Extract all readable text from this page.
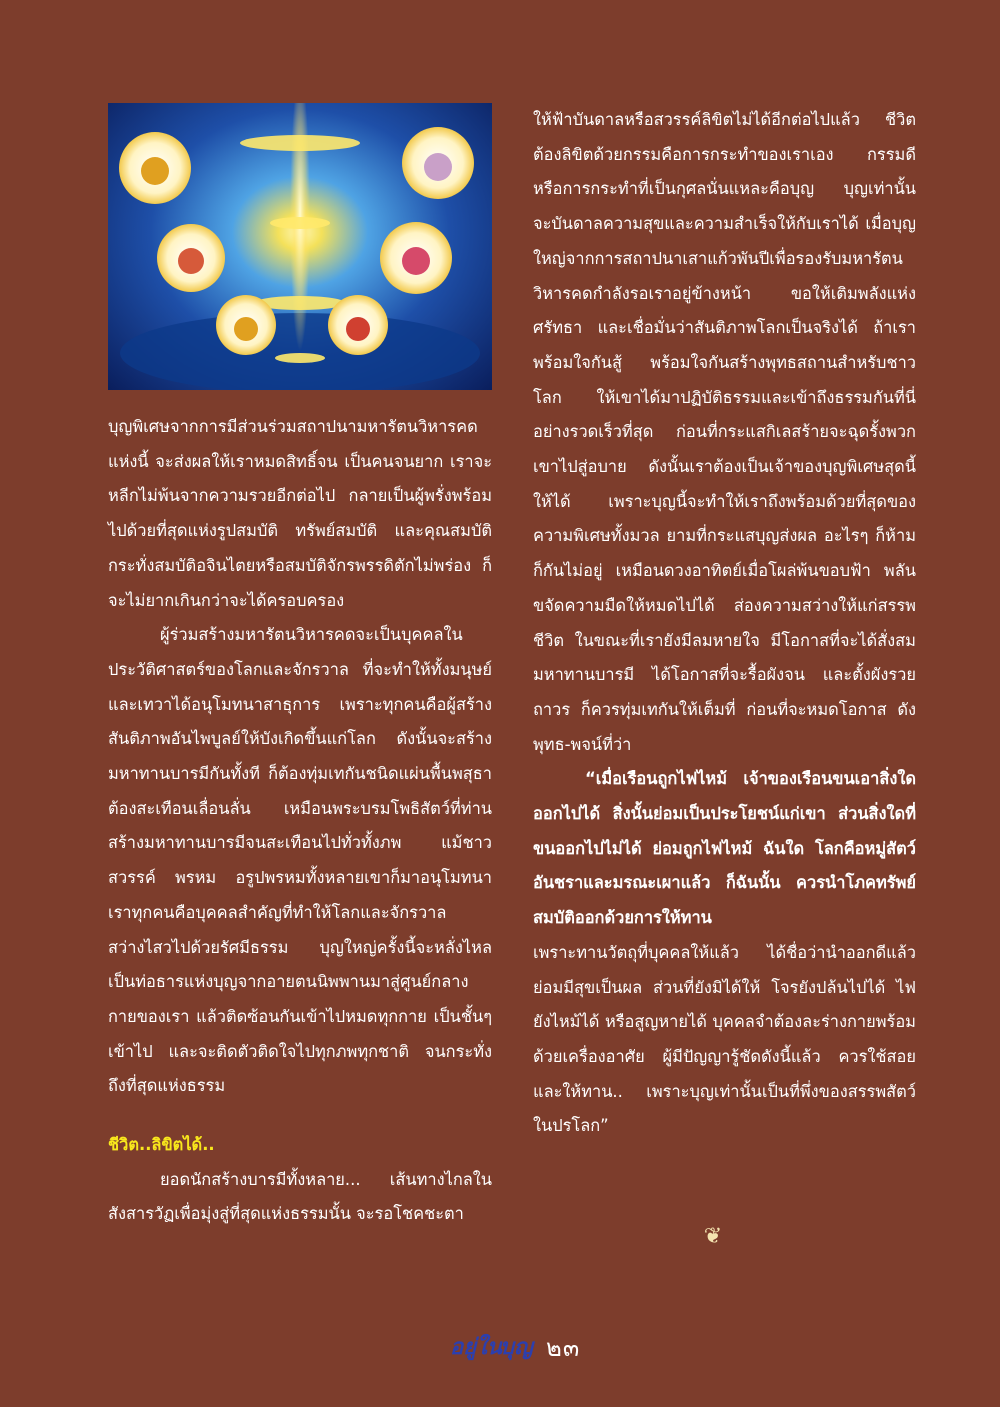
บุญพิเศษจากการมีส่วนร่วมสถาปนามหารัตนวิหารคดแห่งนี้ จะส่งผลให้เราหมดสิทธิ์จน เป็นคนจนยาก เราจะหลีกไม่พ้นจากความรวยอีกต่อไป กลายเป็นผู้พรั่งพร้อมไปด้วยที่สุดแห่งรูปสมบัติ ทรัพย์สมบัติ และคุณสมบัติ กระทั่งสมบัติอจินไตยหรือสมบัติจักรพรรดิตักไม่พร่อง ก็จะไม่ยากเกินกว่าจะได้ครอบครอง

ผู้ร่วมสร้างมหารัตนวิหารคดจะเป็นบุคคลในประวัติศาสตร์ของโลกและจักรวาล ที่จะทำให้ทั้งมนุษย์และเทวาได้อนุโมทนาสาธุการ เพราะทุกคนคือผู้สร้างสันติภาพอันไพบูลย์ให้บังเกิดขึ้นแก่โลก ดังนั้นจะสร้างมหาทานบารมีกันทั้งที ก็ต้องทุ่มเทกันชนิดแผ่นพื้นพสุธาต้องสะเทือนเลื่อนลั่น เหมือนพระบรมโพธิสัตว์ที่ท่านสร้างมหาทานบารมีจนสะเทือนไปทั่วทั้งภพ แม้ชาวสวรรค์ พรหม อรูปพรหมทั้งหลายเขาก็มาอนุโมทนา เราทุกคนคือบุคคลสำคัญที่ทำให้โลกและจักรวาลสว่างไสวไปด้วยรัศมีธรรม บุญใหญ่ครั้งนี้จะหลั่งไหลเป็นท่อธารแห่งบุญจากอายตนนิพพานมาสู่ศูนย์กลางกายของเรา แล้วติดซ้อนกันเข้าไปหมดทุกกาย เป็นชั้นๆ เข้าไป และจะติดตัวติดใจไปทุกภพทุกชาติ จนกระทั่งถึงที่สุดแห่งธรรม

ชีวิต..ลิขิตได้..

ยอดนักสร้างบารมีทั้งหลาย... เส้นทางไกลในสังสารวัฏเพื่อมุ่งสู่ที่สุดแห่งธรรมนั้น จะรอโชคชะตา

ให้ฟ้าบันดาลหรือสวรรค์ลิขิตไม่ได้อีกต่อไปแล้ว ชีวิตต้องลิขิตด้วยกรรมคือการกระทำของเราเอง กรรมดีหรือการกระทำที่เป็นกุศลนั่นแหละคือบุญ บุญเท่านั้นจะบันดาลความสุขและความสำเร็จให้กับเราได้ เมื่อบุญใหญ่จากการสถาปนาเสาแก้วพันปีเพื่อรองรับมหารัตนวิหารคดกำลังรอเราอยู่ข้างหน้า ขอให้เติมพลังแห่งศรัทธา และเชื่อมั่นว่าสันติภาพโลกเป็นจริงได้ ถ้าเราพร้อมใจกันสู้ พร้อมใจกันสร้างพุทธสถานสำหรับชาวโลก ให้เขาได้มาปฏิบัติธรรมและเข้าถึงธรรมกันที่นี่ อย่างรวดเร็วที่สุด ก่อนที่กระแสกิเลสร้ายจะฉุดรั้งพวกเขาไปสู่อบาย ดังนั้นเราต้องเป็นเจ้าของบุญพิเศษสุดนี้ให้ได้ เพราะบุญนี้จะทำให้เราถึงพร้อมด้วยที่สุดของความพิเศษทั้งมวล ยามที่กระแสบุญส่งผล อะไรๆ ก็ห้ามก็กันไม่อยู่ เหมือนดวงอาทิตย์เมื่อโผล่พ้นขอบฟ้า พลันขจัดความมืดให้หมดไปได้ ส่องความสว่างให้แก่สรรพชีวิต ในขณะที่เรายังมีลมหายใจ มีโอกาสที่จะได้สั่งสมมหาทานบารมี ได้โอกาสที่จะรื้อผังจน และตั้งผังรวยถาวร ก็ควรทุ่มเทกันให้เต็มที่ ก่อนที่จะหมดโอกาส ดังพุทธ-พจน์ที่ว่า

“เมื่อเรือนถูกไฟไหม้ เจ้าของเรือนขนเอาสิ่งใดออกไปได้ สิ่งนั้นย่อมเป็นประโยชน์แก่เขา ส่วนสิ่งใดที่ขนออกไปไม่ได้ ย่อมถูกไฟไหม้ ฉันใด โลกคือหมู่สัตว์ อันชราและมรณะเผาแล้ว ก็ฉันนั้น ควรนำโภคทรัพย์สมบัติออกด้วยการให้ทาน

เพราะทานวัตถุที่บุคคลให้แล้ว ได้ชื่อว่านำออกดีแล้ว ย่อมมีสุขเป็นผล ส่วนที่ยังมิได้ให้ โจรยังปล้นไปได้ ไฟยังไหม้ได้ หรือสูญหายได้ บุคคลจำต้องละร่างกายพร้อมด้วยเครื่องอาศัย ผู้มีปัญญารู้ชัดดังนี้แล้ว ควรใช้สอยและให้ทาน.. เพราะบุญเท่านั้นเป็นที่พึ่งของสรรพสัตว์ในปรโลก”

❦
อยู่ใน
บุญ ๒๓
